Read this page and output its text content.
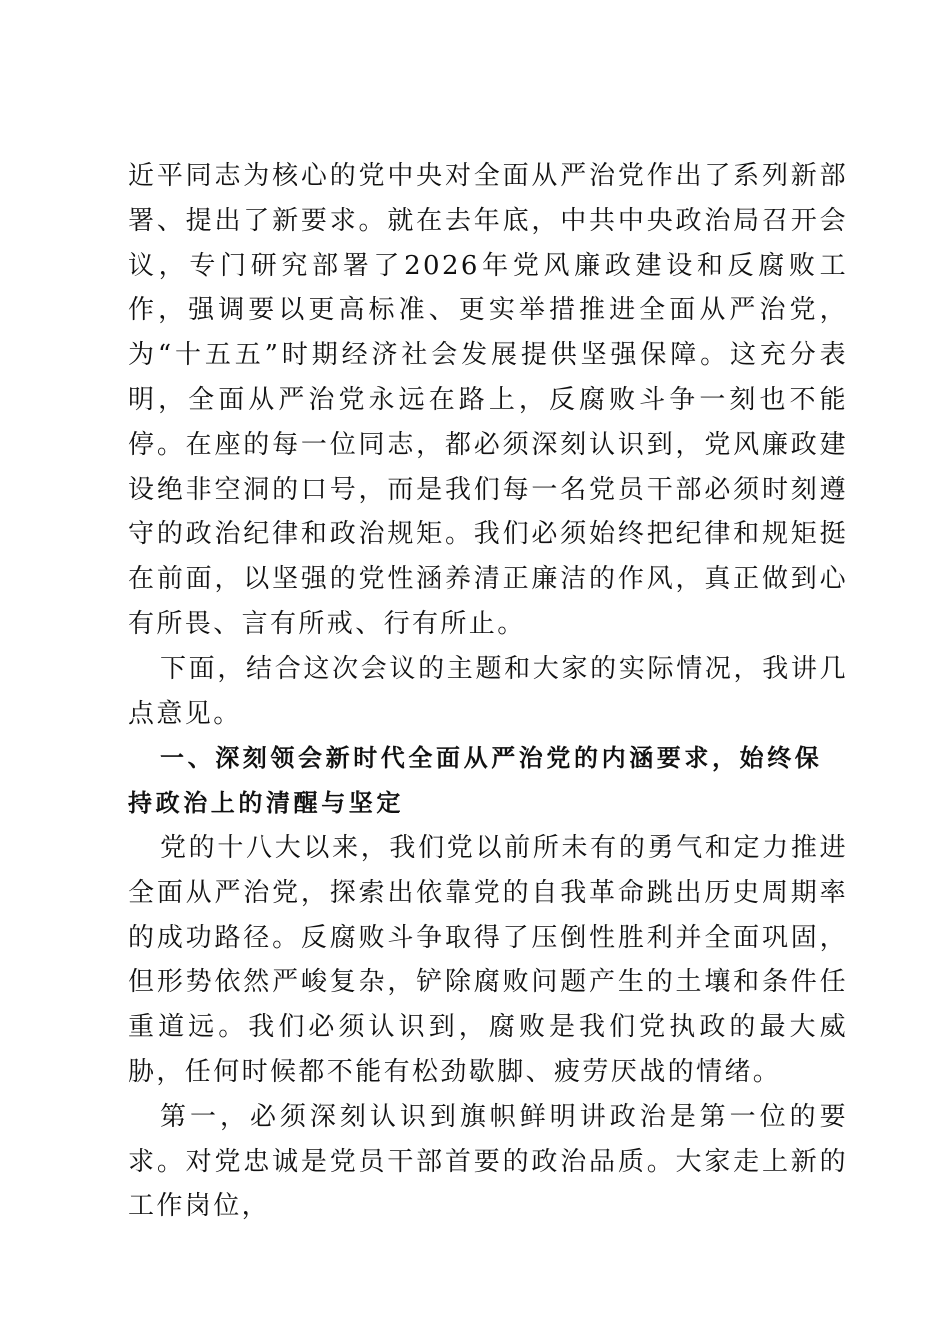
近平同志为核心的党中央对全面从严治党作出了系列新部署、提出了新要求。就在去年底，中共中央政治局召开会议，专门研究部署了2026年党风廉政建设和反腐败工作，强调要以更高标准、更实举措推进全面从严治党，为“十五五”时期经济社会发展提供坚强保障。这充分表明，全面从严治党永远在路上，反腐败斗争一刻也不能停。在座的每一位同志，都必须深刻认识到，党风廉政建设绝非空洞的口号，而是我们每一名党员干部必须时刻遵守的政治纪律和政治规矩。我们必须始终把纪律和规矩挺在前面，以坚强的党性涵养清正廉洁的作风，真正做到心有所畏、言有所戒、行有所止。

下面，结合这次会议的主题和大家的实际情况，我讲几点意见。

一、深刻领会新时代全面从严治党的内涵要求，始终保持政治上的清醒与坚定

党的十八大以来，我们党以前所未有的勇气和定力推进全面从严治党，探索出依靠党的自我革命跳出历史周期率的成功路径。反腐败斗争取得了压倒性胜利并全面巩固，但形势依然严峻复杂，铲除腐败问题产生的土壤和条件任重道远。我们必须认识到，腐败是我们党执政的最大威胁，任何时候都不能有松劲歇脚、疲劳厌战的情绪。

第一，必须深刻认识到旗帜鲜明讲政治是第一位的要求。对党忠诚是党员干部首要的政治品质。大家走上新的工作岗位，
